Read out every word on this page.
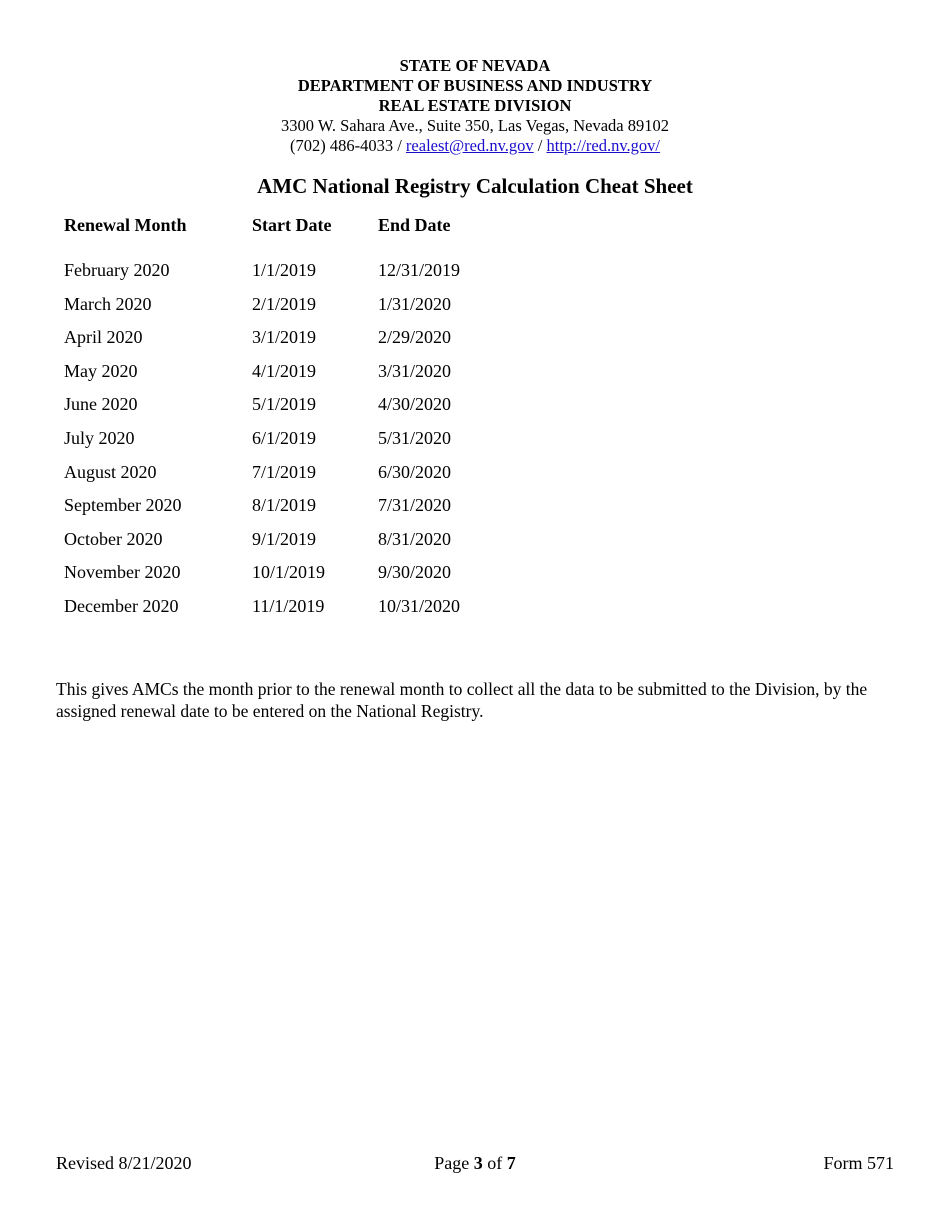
STATE OF NEVADA
DEPARTMENT OF BUSINESS AND INDUSTRY
REAL ESTATE DIVISION
3300 W. Sahara Ave., Suite 350, Las Vegas, Nevada 89102
(702) 486-4033 / realest@red.nv.gov / http://red.nv.gov/
AMC National Registry Calculation Cheat Sheet
Renewal Month	Start Date	End Date
February 2020	1/1/2019	12/31/2019
March 2020	2/1/2019	1/31/2020
April 2020	3/1/2019	2/29/2020
May 2020	4/1/2019	3/31/2020
June 2020	5/1/2019	4/30/2020
July 2020	6/1/2019	5/31/2020
August 2020	7/1/2019	6/30/2020
September 2020	8/1/2019	7/31/2020
October 2020	9/1/2019	8/31/2020
November 2020	10/1/2019	9/30/2020
December 2020	11/1/2019	10/31/2020
This gives AMCs the month prior to the renewal month to collect all the data to be submitted to the Division, by the assigned renewal date to be entered on the National Registry.
Revised 8/21/2020	Page 3 of 7	Form 571
